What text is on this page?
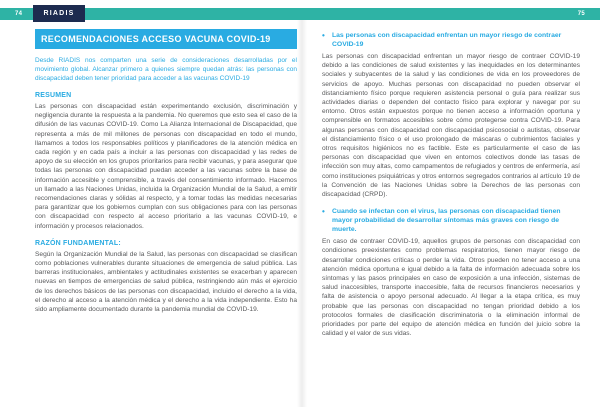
74	75
RIADIS
RECOMENDACIONES ACCESO VACUNA COVID-19

Desde RIADIS nos comparten una serie de consideraciones desarrolladas por el movimiento global. Alcanzar primero a quienes siempre quedan atrás: las personas con discapacidad deben tener prioridad para acceder a las vacunas COVID-19

RESUMEN

Las personas con discapacidad están experimentando exclusión, discriminación y negligencia durante la respuesta a la pandemia. No queremos que esto sea el caso de la difusión de las vacunas COVID-19. Como La Alianza Internacional de Discapacidad, que representa a más de mil millones de personas con discapacidad en todo el mundo, llamamos a todos los responsables políticos y planificadores de la atención médica en cada región y en cada país a incluir a las personas con discapacidad y las redes de apoyo de su elección en los grupos prioritarios para recibir vacunas, y para asegurar que todas las personas con discapacidad puedan acceder a las vacunas sobre la base de información accesible y comprensible, a través del consentimiento informado. Hacemos un llamado a las Naciones Unidas, incluida la Organización Mundial de la Salud, a emitir recomendaciones claras y sólidas al respecto, y a tomar todas las medidas necesarias para garantizar que los gobiernos cumplan con sus obligaciones para con las personas con discapacidad con respecto al acceso prioritario a las vacunas COVID-19, e información y procesos relacionados.

RAZÓN FUNDAMENTAL:

Según la Organización Mundial de la Salud, las personas con discapacidad se clasifican como poblaciones vulnerables durante situaciones de emergencia de salud pública. Las barreras institucionales, ambientales y actitudinales existentes se exacerban y aparecen nuevas en tiempos de emergencias de salud pública, restringiendo aún más el ejercicio de los derechos básicos de las personas con discapacidad, incluido el derecho a la vida, el derecho al acceso a la atención médica y el derecho a la vida independiente. Esto ha sido ampliamente documentado durante la pandemia mundial de COVID-19.

•	Las personas con discapacidad enfrentan un mayor riesgo de contraer COVID-19

Las personas con discapacidad enfrentan un mayor riesgo de contraer COVID-19 debido a las condiciones de salud existentes y las inequidades en los determinantes sociales y subyacentes de la salud y las condiciones de vida en los proveedores de servicios de apoyo. Muchas personas con discapacidad no pueden observar el distanciamiento físico porque requieren asistencia personal o guía para realizar sus actividades diarias o dependen del contacto físico para explorar y navegar por su entorno. Otros están expuestos porque no tienen acceso a información oportuna y comprensible en formatos accesibles sobre cómo protegerse contra COVID-19. Para algunas personas con discapacidad con discapacidad psicosocial o autistas, observar el distanciamiento físico o el uso prolongado de máscaras o cubrimientos faciales y otros requisitos higiénicos no es factible. Este es particularmente el caso de las personas con discapacidad que viven en entornos colectivos donde las tasas de infección son muy altas, como campamentos de refugiados y centros de enfermería, así como instituciones psiquiátricas y otros entornos segregados contrarios al artículo 19 de la Convención de las Naciones Unidas sobre la Derechos de las personas con discapacidad (CRPD).

•	Cuando se infectan con el virus, las personas con discapacidad tienen mayor probabilidad de desarrollar síntomas más graves con riesgo de muerte.

En caso de contraer COVID-19, aquellos grupos de personas con discapacidad con condiciones preexistentes como problemas respiratorios, tienen mayor riesgo de desarrollar condiciones críticas o perder la vida. Otros pueden no tener acceso a una atención médica oportuna e igual debido a la falta de información adecuada sobre los síntomas y las pasos principales en caso de exposición a una infección, sistemas de salud inaccesibles, transporte inaccesible, falta de recursos financieros necesarios y falta de asistencia o apoyo personal adecuado. Al llegar a la etapa crítica, es muy probable que las personas con discapacidad no tengan prioridad debido a los protocolos formales de clasificación discriminatoria o la eliminación informal de prioridades por parte del equipo de atención médica en función del juicio sobre la calidad y el valor de sus vidas.
